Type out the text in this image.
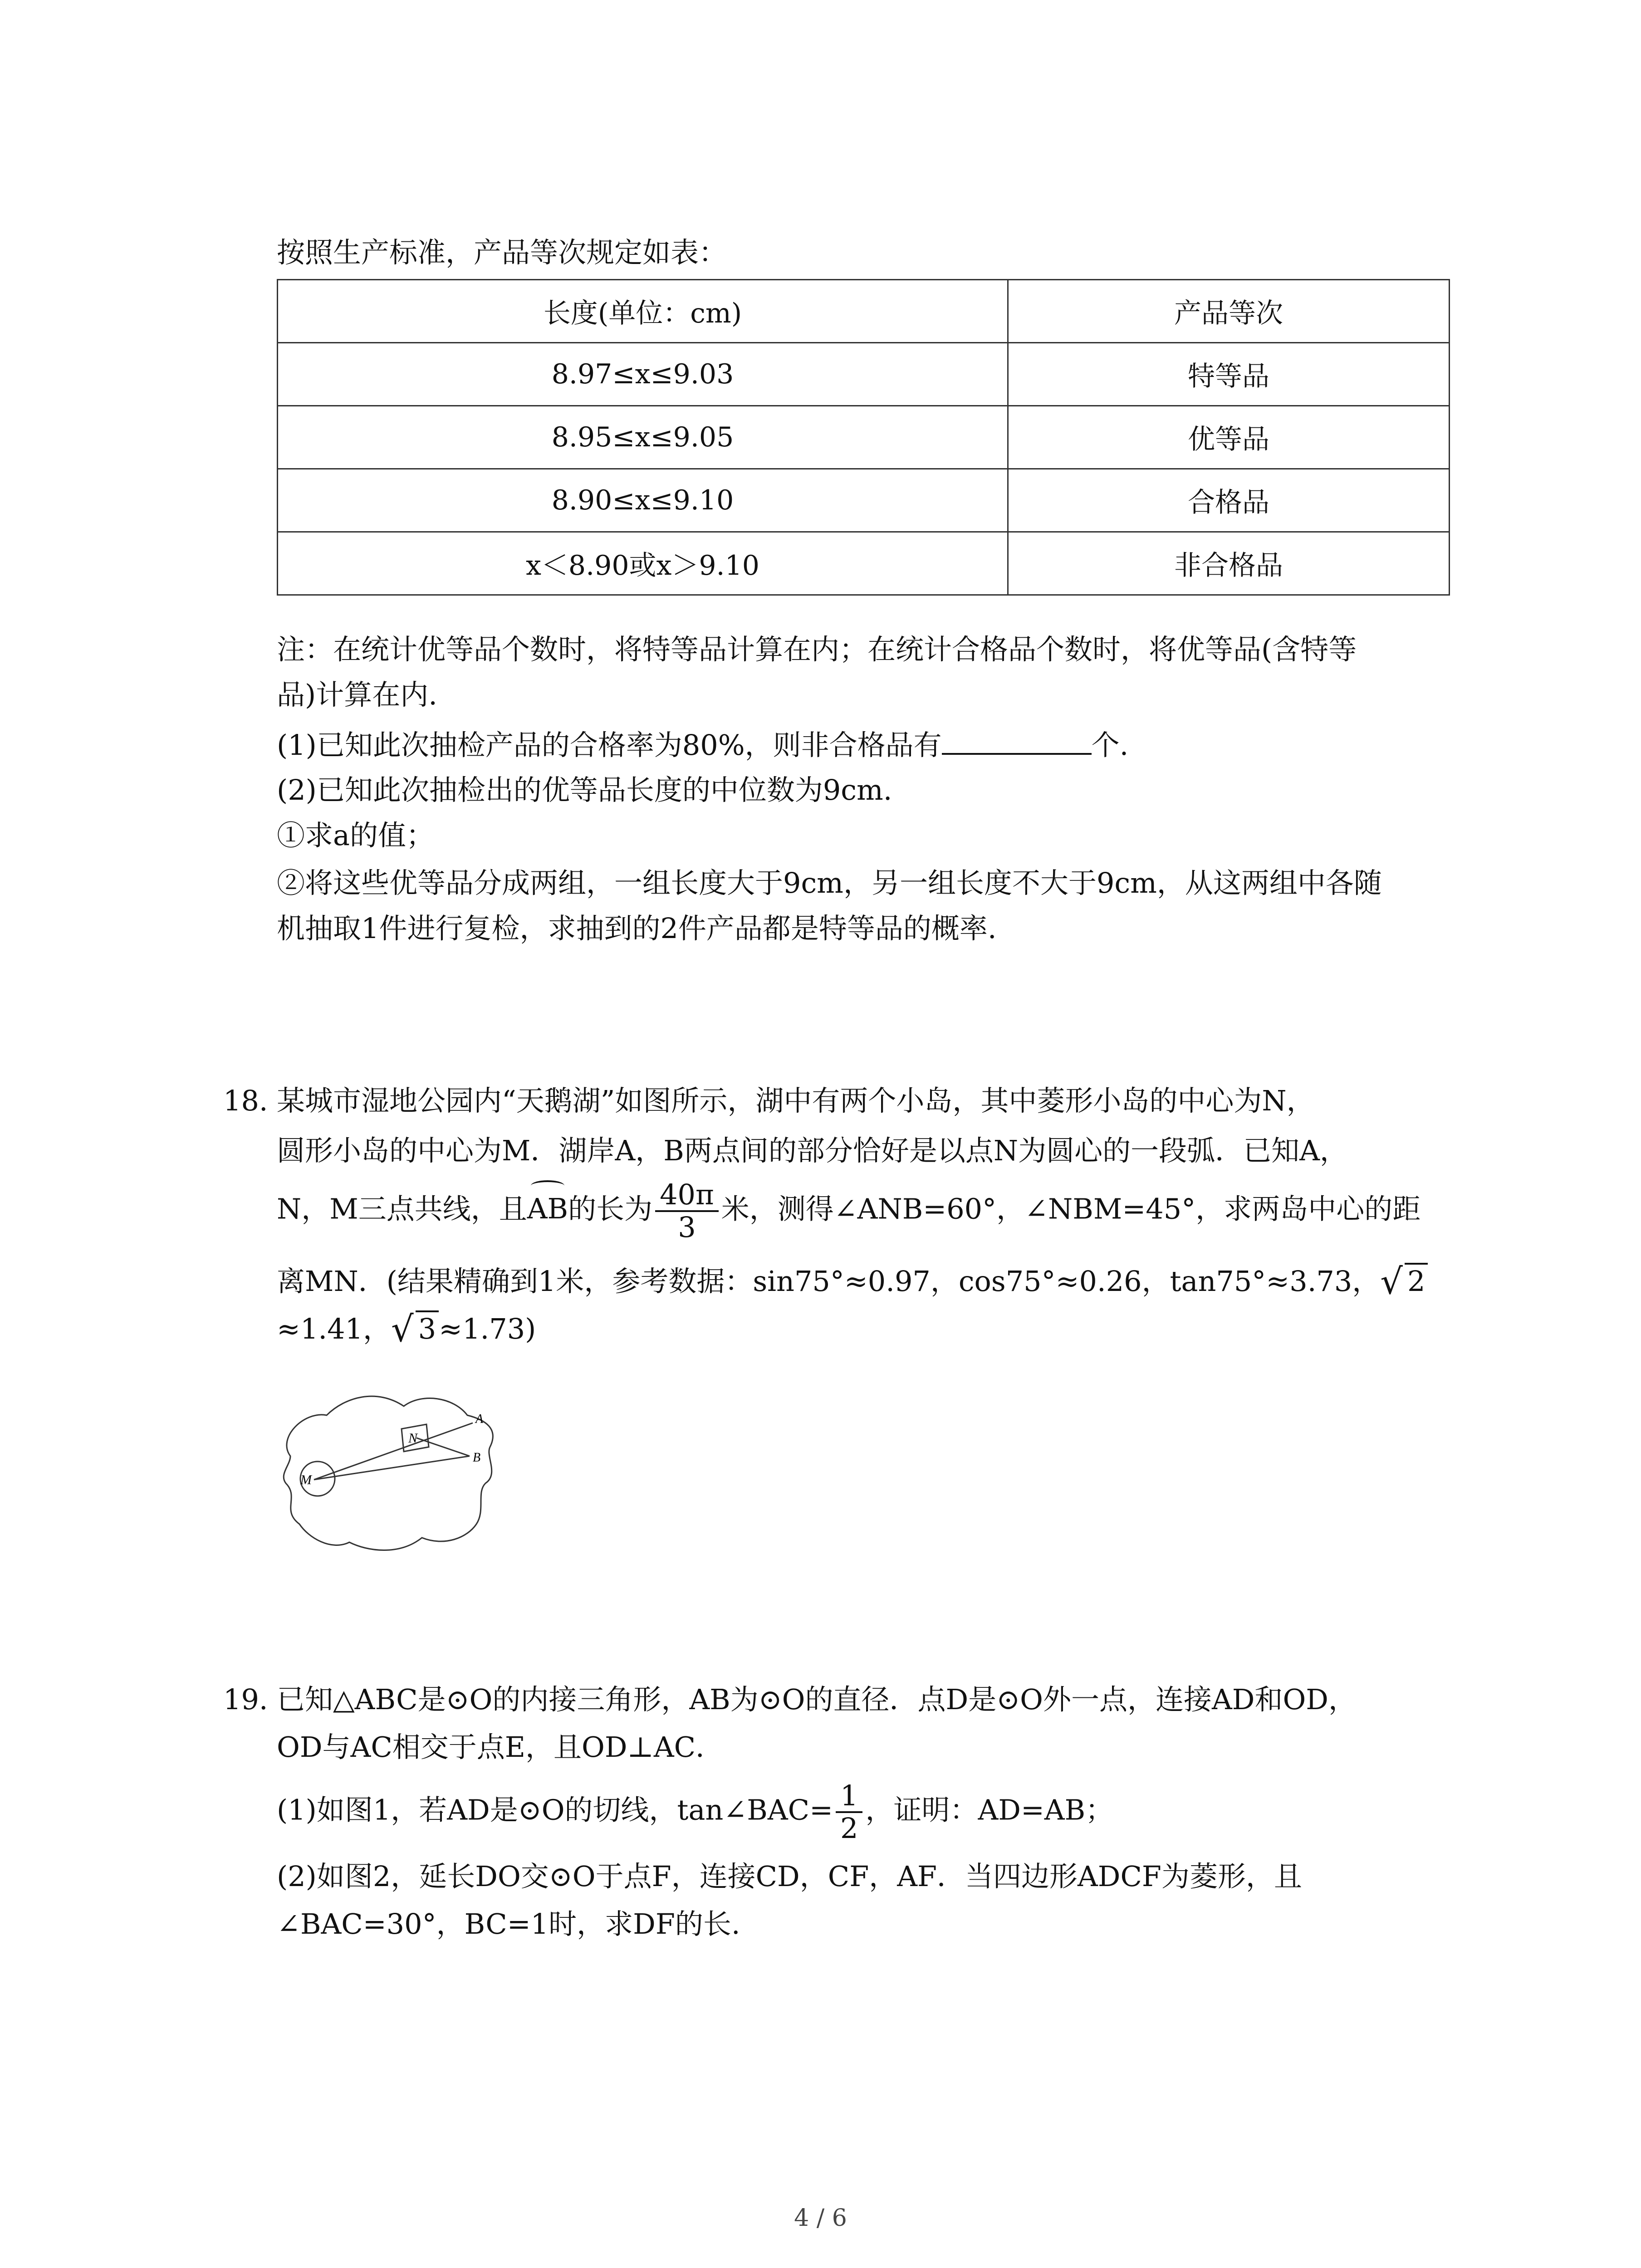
按照生产标准，产品等次规定如表：
长度(单位：cm)	产品等次
8.97≤x≤9.03	特等品
8.95≤x≤9.05	优等品
8.90≤x≤9.10	合格品
x＜8.90或x＞9.10	非合格品
注：在统计优等品个数时，将特等品计算在内；在统计合格品个数时，将优等品(含特等
品)计算在内.
(1)已知此次抽检产品的合格率为80%，则非合格品有	个.
(2)已知此次抽检出的优等品长度的中位数为9cm.
①求a的值；
②将这些优等品分成两组，一组长度大于9cm，另一组长度不大于9cm，从这两组中各随
机抽取1件进行复检，求抽到的2件产品都是特等品的概率.
18. 某城市湿地公园内“天鹅湖”如图所示，湖中有两个小岛，其中菱形小岛的中心为N，
圆形小岛的中心为M．湖岸A，B两点间的部分恰好是以点N为圆心的一段弧．已知A，
N，M三点共线，且AB的长为 $\frac{40\pi}{3}$ 米，测得∠ANB=60°，∠NBM=45°，求两岛中心的距
离MN．(结果精确到1米，参考数据：sin75°≈0.97，cos75°≈0.26，tan75°≈3.73，√ 2
≈1.41，√ 3≈1.73)
M
N
A
B
19. 已知△ABC是⊙O的内接三角形，AB为⊙O的直径．点D是⊙O外一点，连接AD和OD，
OD与AC相交于点E，且OD⊥AC．
(1)如图1，若AD是⊙O的切线，tan∠BAC= $\frac{1}{2}$ ，证明：AD=AB；
(2)如图2，延长DO交⊙O于点F，连接CD，CF，AF．当四边形ADCF为菱形，且
∠BAC=30°，BC=1时，求DF的长.
4 / 6
